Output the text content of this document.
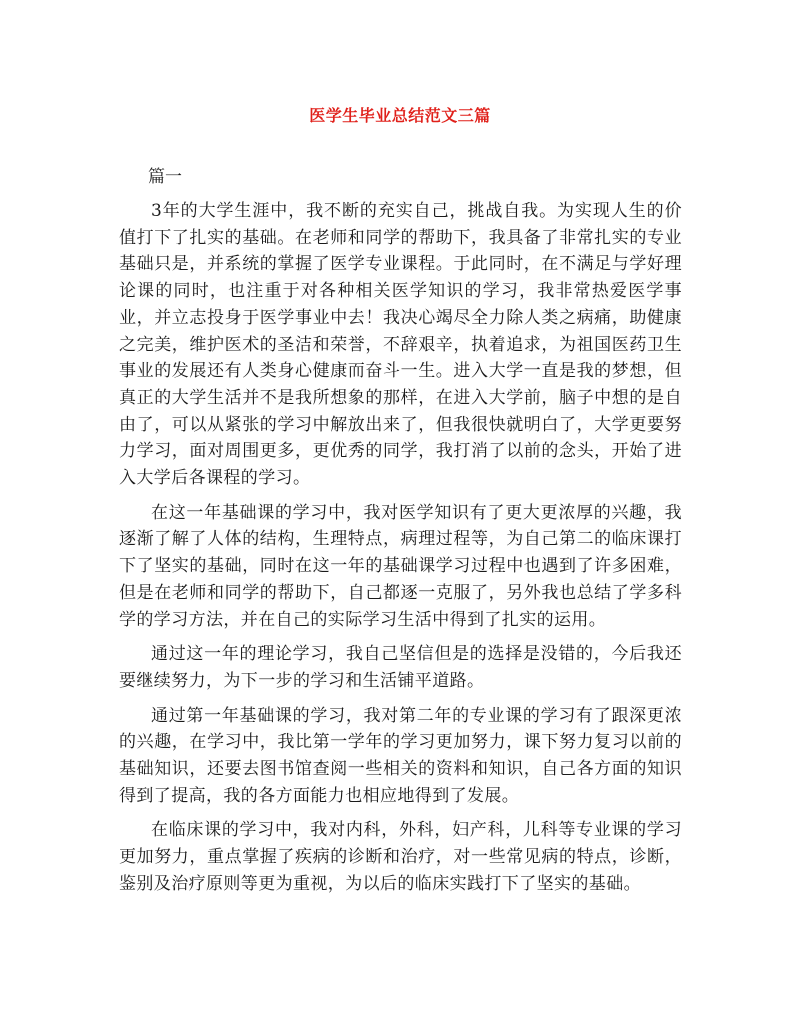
医学生毕业总结范文三篇
篇一

3年的大学生涯中，我不断的充实自己，挑战自我。为实现人生的价值打下了扎实的基础。在老师和同学的帮助下，我具备了非常扎实的专业基础只是，并系统的掌握了医学专业课程。于此同时，在不满足与学好理论课的同时，也注重于对各种相关医学知识的学习，我非常热爱医学事业，并立志投身于医学事业中去！我决心竭尽全力除人类之病痛，助健康之完美，维护医术的圣洁和荣誉，不辞艰辛，执着追求，为祖国医药卫生事业的发展还有人类身心健康而奋斗一生。进入大学一直是我的梦想，但真正的大学生活并不是我所想象的那样，在进入大学前，脑子中想的是自由了，可以从紧张的学习中解放出来了，但我很快就明白了，大学更要努力学习，面对周围更多，更优秀的同学，我打消了以前的念头，开始了进入大学后各课程的学习。

在这一年基础课的学习中，我对医学知识有了更大更浓厚的兴趣，我逐渐了解了人体的结构，生理特点，病理过程等，为自己第二的临床课打下了坚实的基础，同时在这一年的基础课学习过程中也遇到了许多困难，但是在老师和同学的帮助下，自己都逐一克服了，另外我也总结了学多科学的学习方法，并在自己的实际学习生活中得到了扎实的运用。

通过这一年的理论学习，我自己坚信但是的选择是没错的，今后我还要继续努力，为下一步的学习和生活铺平道路。

通过第一年基础课的学习，我对第二年的专业课的学习有了跟深更浓的兴趣，在学习中，我比第一学年的学习更加努力，课下努力复习以前的基础知识，还要去图书馆查阅一些相关的资料和知识，自己各方面的知识得到了提高，我的各方面能力也相应地得到了发展。

在临床课的学习中，我对内科，外科，妇产科，儿科等专业课的学习更加努力，重点掌握了疾病的诊断和治疗，对一些常见病的特点，诊断，鉴别及治疗原则等更为重视，为以后的临床实践打下了坚实的基础。
